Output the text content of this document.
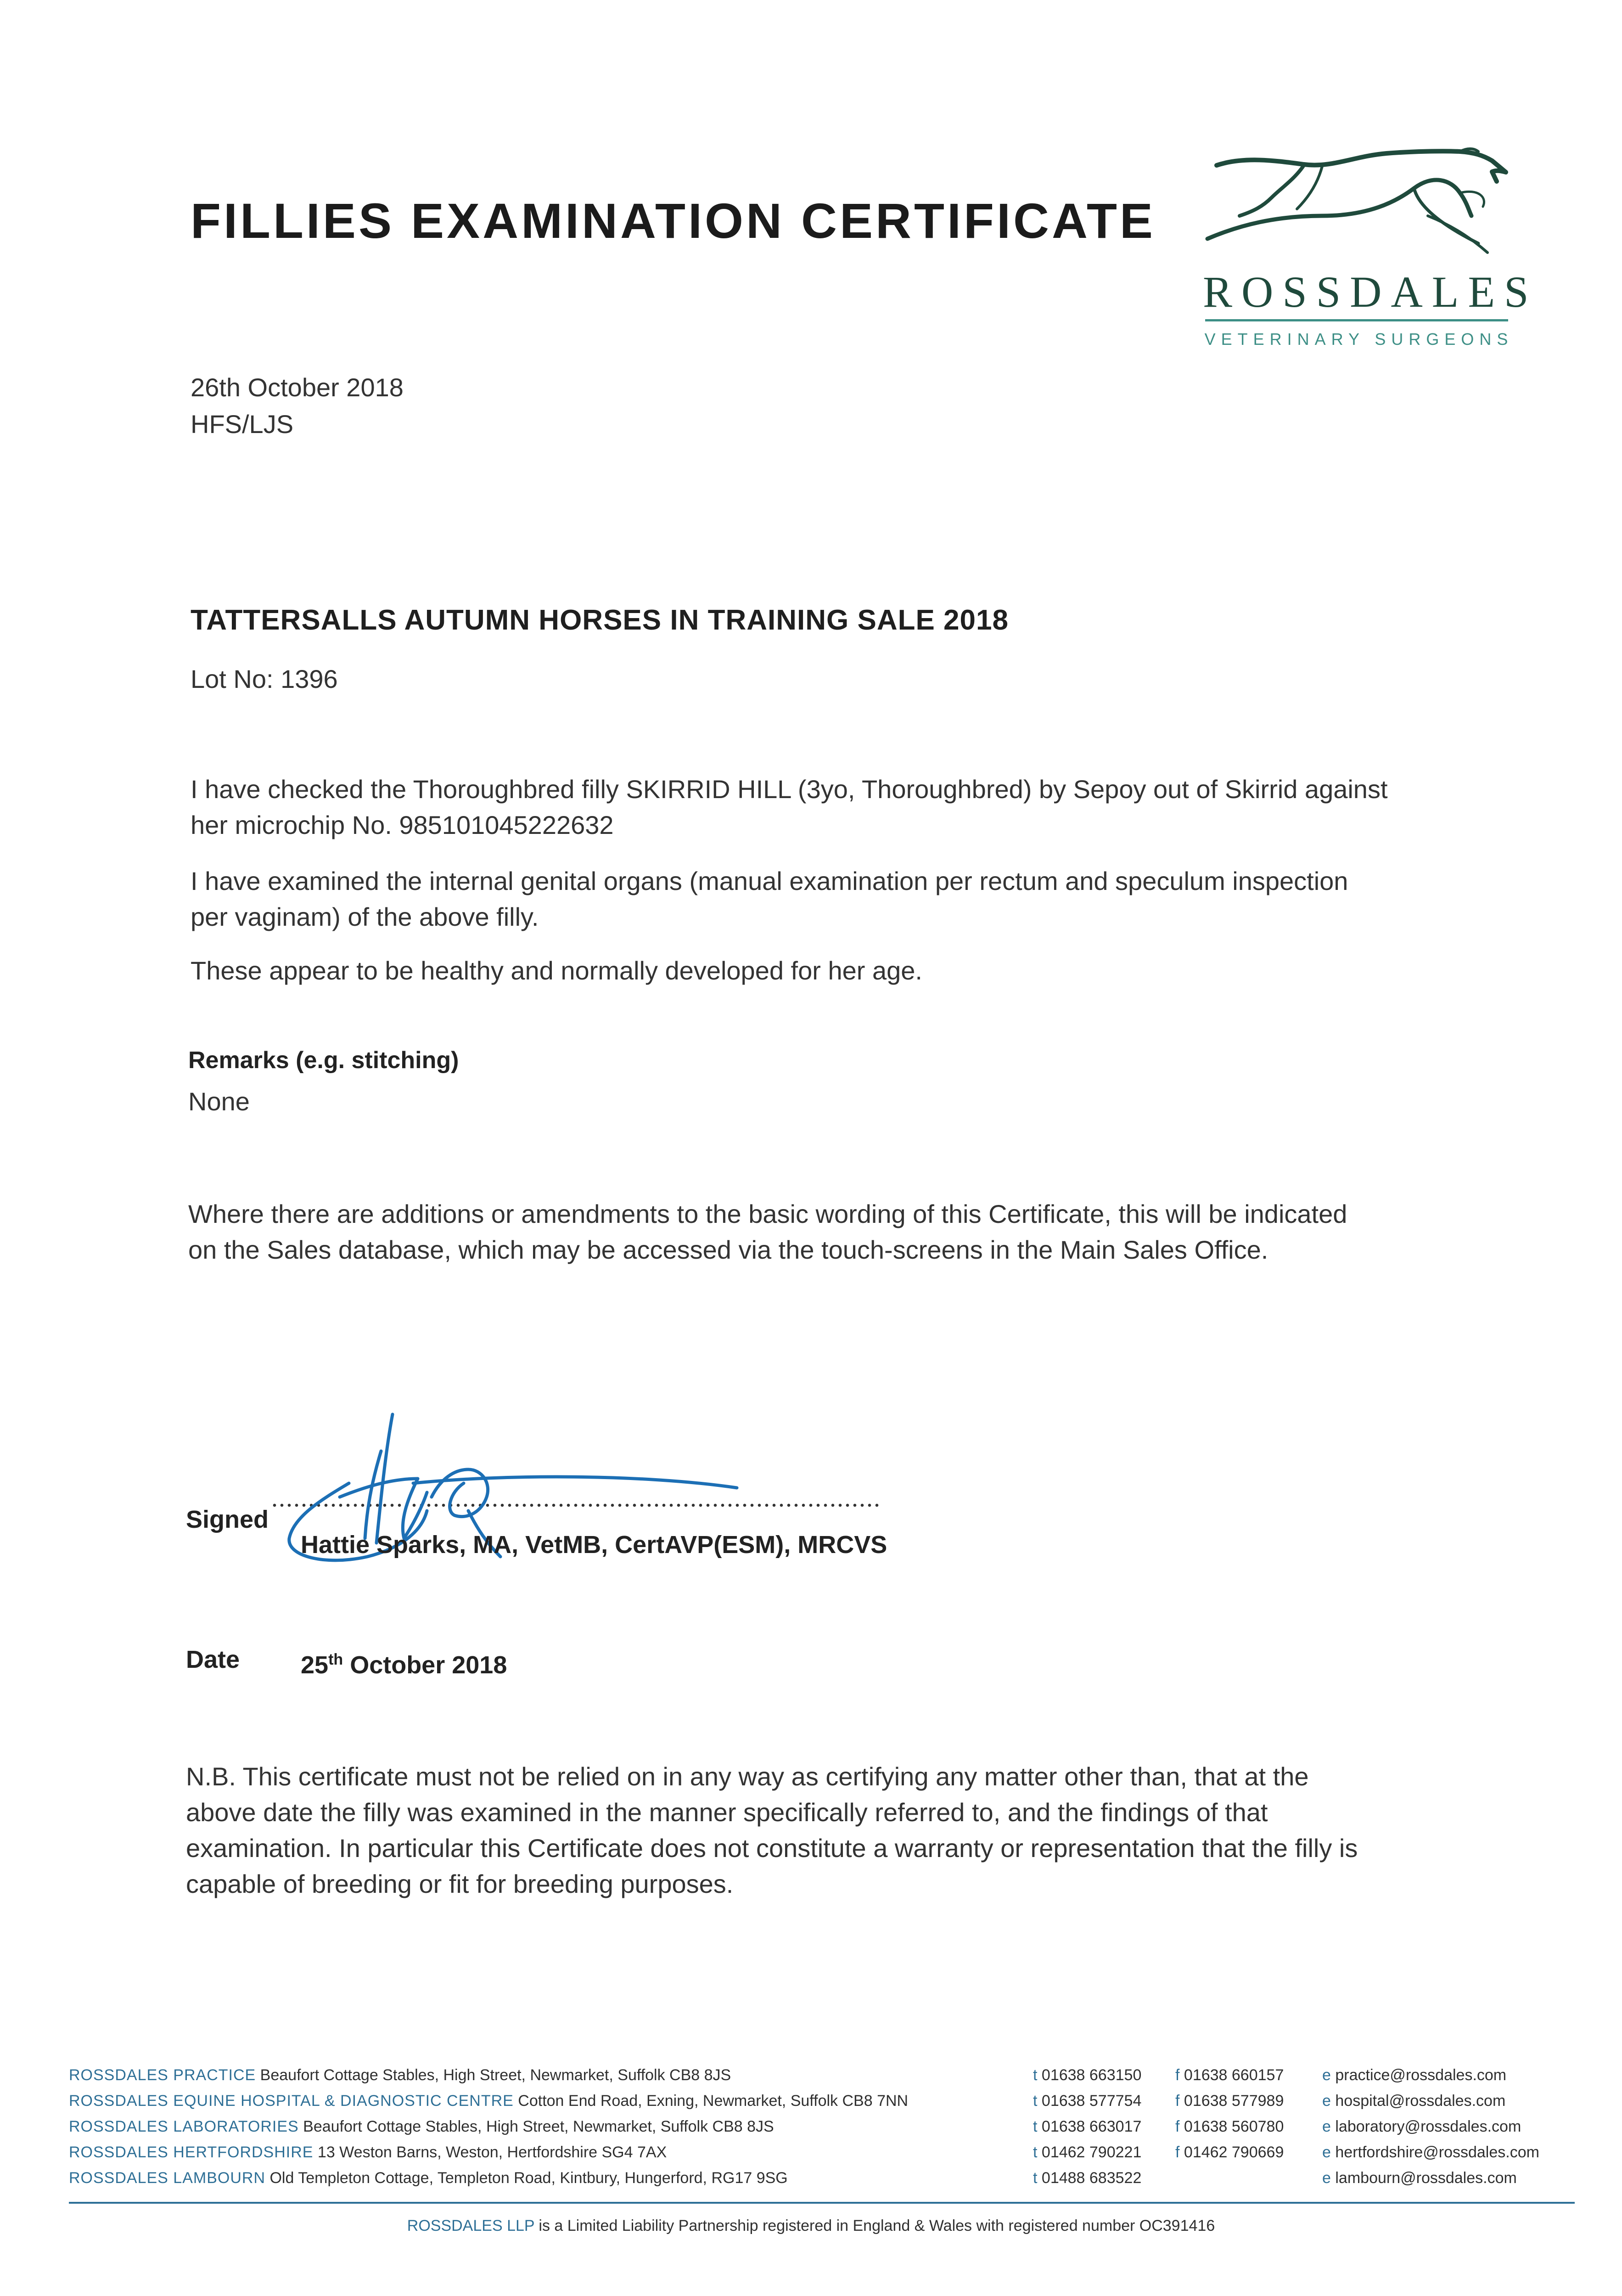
FILLIES EXAMINATION CERTIFICATE
ROSSDALES
VETERINARY SURGEONS
26th October 2018
HFS/LJS
TATTERSALLS AUTUMN HORSES IN TRAINING SALE 2018
Lot No: 1396
I have checked the Thoroughbred filly SKIRRID HILL (3yo, Thoroughbred) by Sepoy out of Skirrid against
her microchip No. 985101045222632
I have examined the internal genital organs (manual examination per rectum and speculum inspection
per vaginam) of the above filly.
These appear to be healthy and normally developed for her age.
Remarks (e.g. stitching)
None
Where there are additions or amendments to the basic wording of this Certificate, this will be indicated
on the Sales database, which may be accessed via the touch-screens in the Main Sales Office.
Signed
Hattie Sparks, MA, VetMB, CertAVP(ESM), MRCVS
Date 25th October 2018
N.B. This certificate must not be relied on in any way as certifying any matter other than, that at the
above date the filly was examined in the manner specifically referred to, and the findings of that
examination. In particular this Certificate does not constitute a warranty or representation that the filly is
capable of breeding or fit for breeding purposes.
ROSSDALES PRACTICE Beaufort Cottage Stables, High Street, Newmarket, Suffolk CB8 8JS	t 01638 663150 f 01638 660157 e practice@rossdales.com
ROSSDALES EQUINE HOSPITAL & DIAGNOSTIC CENTRE Cotton End Road, Exning, Newmarket, Suffolk CB8 7NN	t 01638 577754 f 01638 577989 e hospital@rossdales.com
ROSSDALES LABORATORIES Beaufort Cottage Stables, High Street, Newmarket, Suffolk CB8 8JS	t 01638 663017 f 01638 560780 e laboratory@rossdales.com
ROSSDALES HERTFORDSHIRE 13 Weston Barns, Weston, Hertfordshire SG4 7AX	t 01462 790221 f 01462 790669 e hertfordshire@rossdales.com
ROSSDALES LAMBOURN Old Templeton Cottage, Templeton Road, Kintbury, Hungerford, RG17 9SG	t 01488 683522	e lambourn@rossdales.com
ROSSDALES LLP is a Limited Liability Partnership registered in England & Wales with registered number OC391416
